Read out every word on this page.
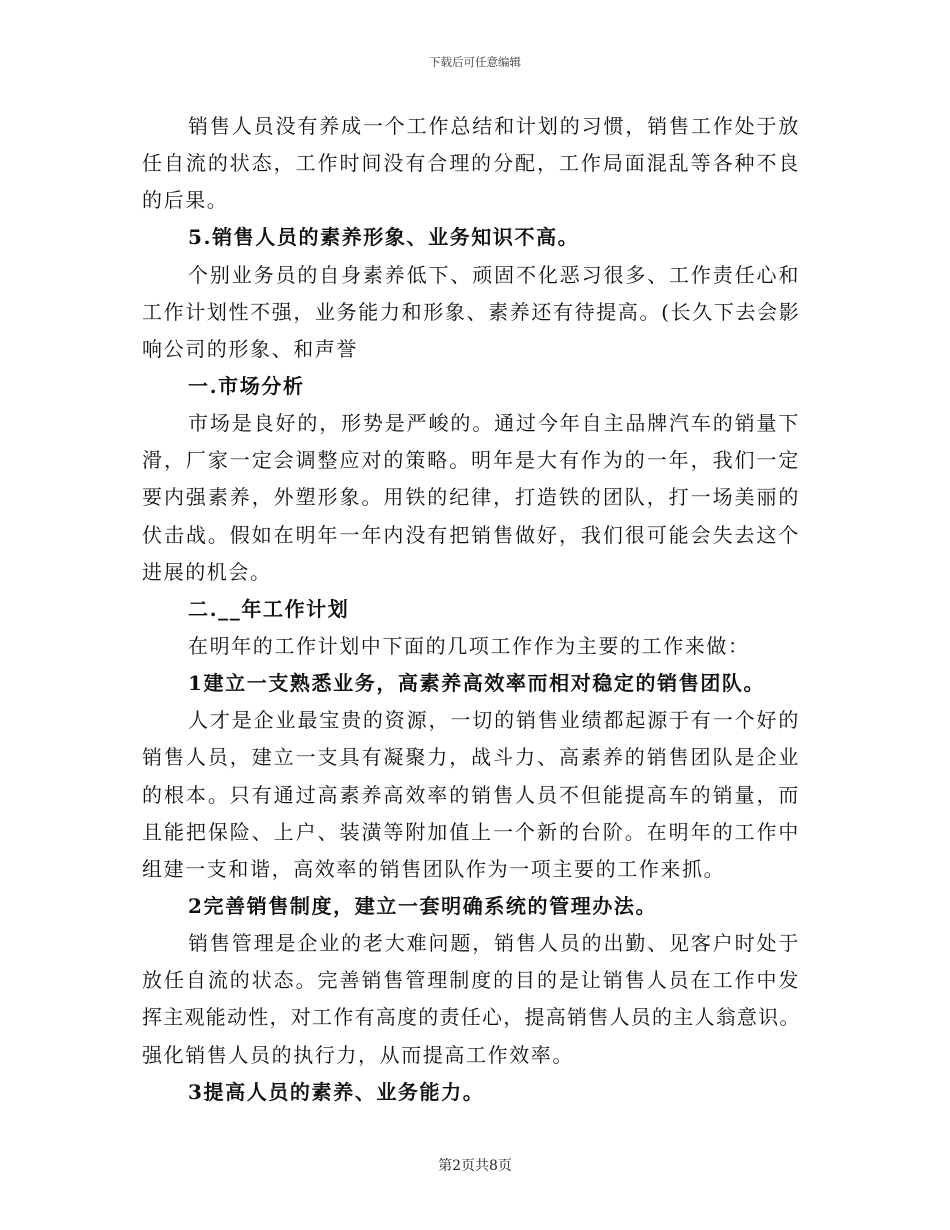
下载后可任意编辑
销售人员没有养成一个工作总结和计划的习惯，销售工作处于放
任自流的状态，工作时间没有合理的分配，工作局面混乱等各种不良
的后果。
5.销售人员的素养形象、业务知识不高。
个别业务员的自身素养低下、顽固不化恶习很多、工作责任心和
工作计划性不强，业务能力和形象、素养还有待提高。(长久下去会影
响公司的形象、和声誉
一.市场分析
市场是良好的，形势是严峻的。通过今年自主品牌汽车的销量下
滑，厂家一定会调整应对的策略。明年是大有作为的一年，我们一定
要内强素养，外塑形象。用铁的纪律，打造铁的团队，打一场美丽的
伏击战。假如在明年一年内没有把销售做好，我们很可能会失去这个
进展的机会。
二.__年工作计划
在明年的工作计划中下面的几项工作作为主要的工作来做：
1建立一支熟悉业务，高素养高效率而相对稳定的销售团队。
人才是企业最宝贵的资源，一切的销售业绩都起源于有一个好的
销售人员，建立一支具有凝聚力，战斗力、高素养的销售团队是企业
的根本。只有通过高素养高效率的销售人员不但能提高车的销量，而
且能把保险、上户、装潢等附加值上一个新的台阶。在明年的工作中
组建一支和谐，高效率的销售团队作为一项主要的工作来抓。
2完善销售制度，建立一套明确系统的管理办法。
销售管理是企业的老大难问题，销售人员的出勤、见客户时处于
放任自流的状态。完善销售管理制度的目的是让销售人员在工作中发
挥主观能动性，对工作有高度的责任心，提高销售人员的主人翁意识。
强化销售人员的执行力，从而提高工作效率。
3提高人员的素养、业务能力。
第2页共8页
